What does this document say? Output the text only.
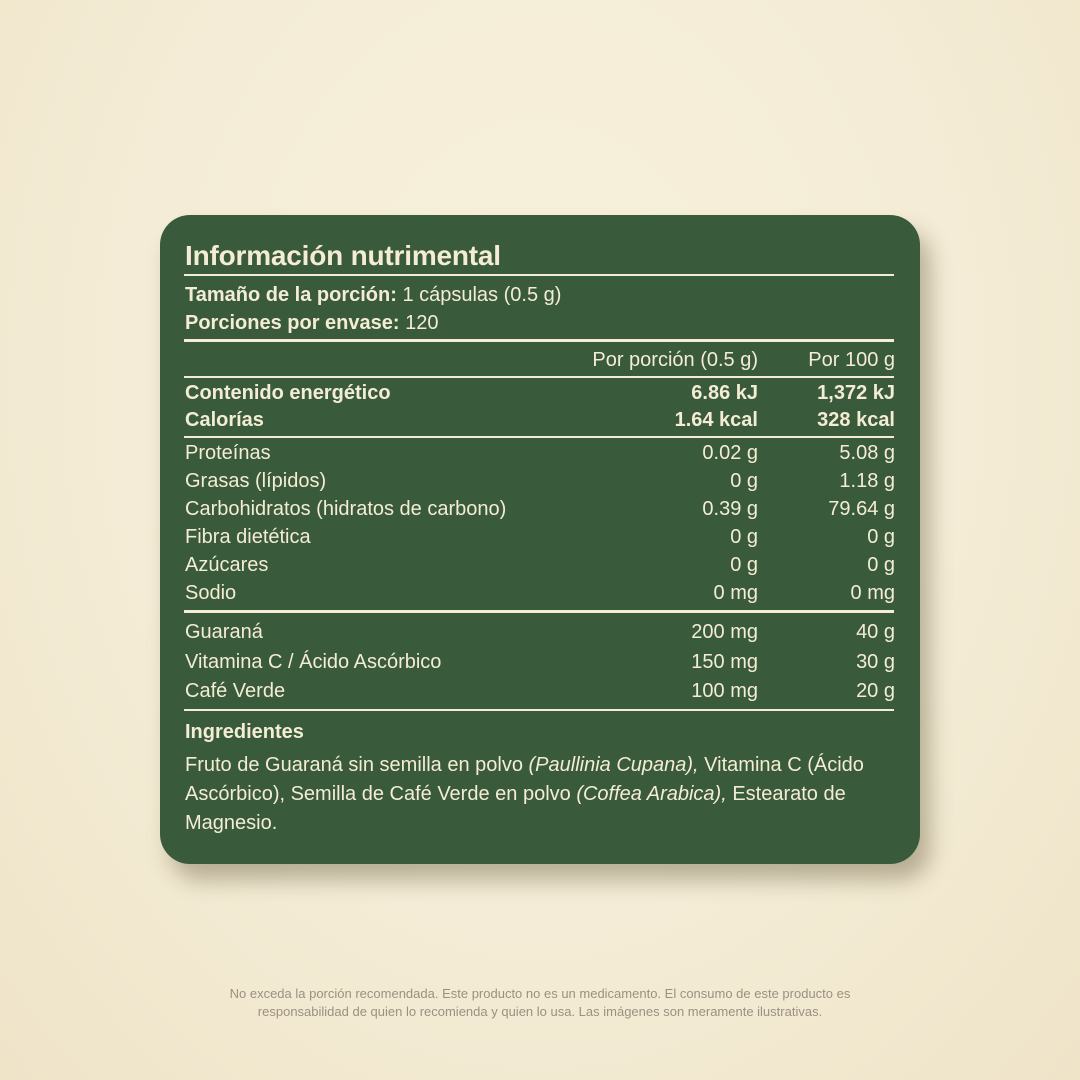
Información nutrimental
Tamaño de la porción: 1 cápsulas (0.5 g)
Porciones por envase: 120
Por porción (0.5 g)	Por 100 g
Contenido energético	6.86 kJ	1,372 kJ
Calorías	1.64 kcal	328 kcal
Proteínas	0.02 g	5.08 g
Grasas (lípidos)	0 g	1.18 g
Carbohidratos (hidratos de carbono)	0.39 g	79.64 g
Fibra dietética	0 g	0 g
Azúcares	0 g	0 g
Sodio	0 mg	0 mg
Guaraná	200 mg	40 g
Vitamina C / Ácido Ascórbico	150 mg	30 g
Café Verde	100 mg	20 g
Ingredientes
Fruto de Guaraná sin semilla en polvo (Paullinia Cupana), Vitamina C (Ácido Ascórbico), Semilla de Café Verde en polvo (Coffea Arabica), Estearato de Magnesio.
No exceda la porción recomendada. Este producto no es un medicamento. El consumo de este producto es
responsabilidad de quien lo recomienda y quien lo usa. Las imágenes son meramente ilustrativas.
